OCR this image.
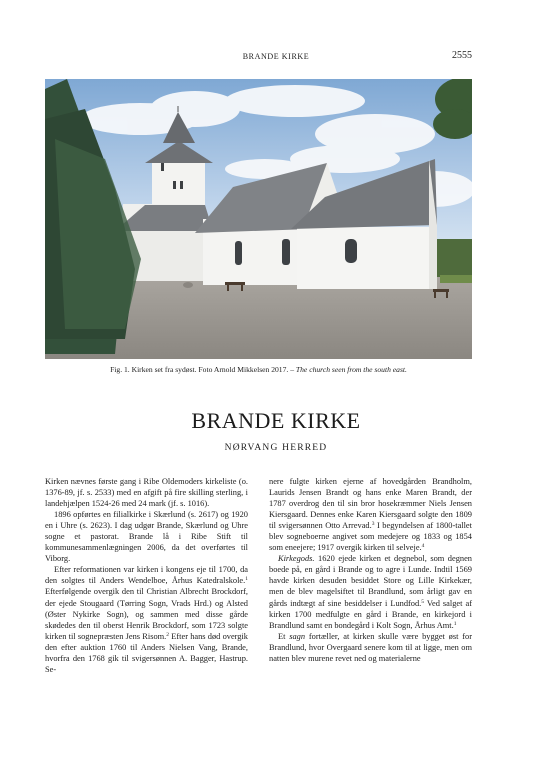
BRANDE KIRKE	2555
Fig. 1. Kirken set fra sydøst. Foto Arnold Mikkelsen 2017. – The church seen from the south east.
BRANDE KIRKE
NØRVANG HERRED

Kirken nævnes første gang i Ribe Oldemoders kirkeliste (o. 1376-89, jf. s. 2533) med en afgift på fire skilling sterling, i landehjælpen 1524-26 med 24 mark (jf. s. 1016).

1896 opførtes en filialkirke i Skærlund (s. 2617) og 1920 en i Uhre (s. 2623). I dag udgør Brande, Skærlund og Uhre sogne et pastorat. Brande lå i Ribe Stift til kommunesammenlægningen 2006, da det overførtes til Viborg.

Efter reformationen var kirken i kongens eje til 1700, da den solgtes til Anders Wendelboe, Århus Katedralskole.$^1$ Efterfølgende overgik den til Christian Albrecht Brockdorf, der ejede Stougaard (Tørring Sogn, Vrads Hrd.) og Alsted (Øster Nykirke Sogn), og sammen med disse gårde skødedes den til oberst Henrik Brockdorf, som 1723 solgte kirken til sognepræsten Jens Risom.$^2$ Efter hans død overgik den efter auktion 1760 til Anders Nielsen Vang, Brande, hvorfra den 1768 gik til svigersønnen A. Bagger, Hastrup. Se-

nere fulgte kirken ejerne af hovedgården Brandholm, Laurids Jensen Brandt og hans enke Maren Brandt, der 1787 overdrog den til sin bror hosekræmmer Niels Jensen Kiersgaard. Dennes enke Karen Kiersgaard solgte den 1809 til svigersønnen Otto Arrevad.$^3$ I begyndelsen af 1800-tallet blev sogneboerne angivet som medejere og 1833 og 1854 som eneejere; 1917 overgik kirken til selveje.$^4$

Kirkegods. 1620 ejede kirken et degnebol, som degnen boede på, en gård i Brande og to agre i Lunde. Indtil 1569 havde kirken desuden besiddet Store og Lille Kirkekær, men de blev magelsiftet til Brandlund, som årligt gav en gårds indtægt af sine besiddelser i Lundfod.$^5$ Ved salget af kirken 1700 medfulgte en gård i Brande, en kirkejord i Brandlund samt en bondegård i Kolt Sogn, Århus Amt.$^1$

Et sagn fortæller, at kirken skulle være bygget øst for Brandlund, hvor Overgaard senere kom til at ligge, men om natten blev murene revet ned og materialerne
